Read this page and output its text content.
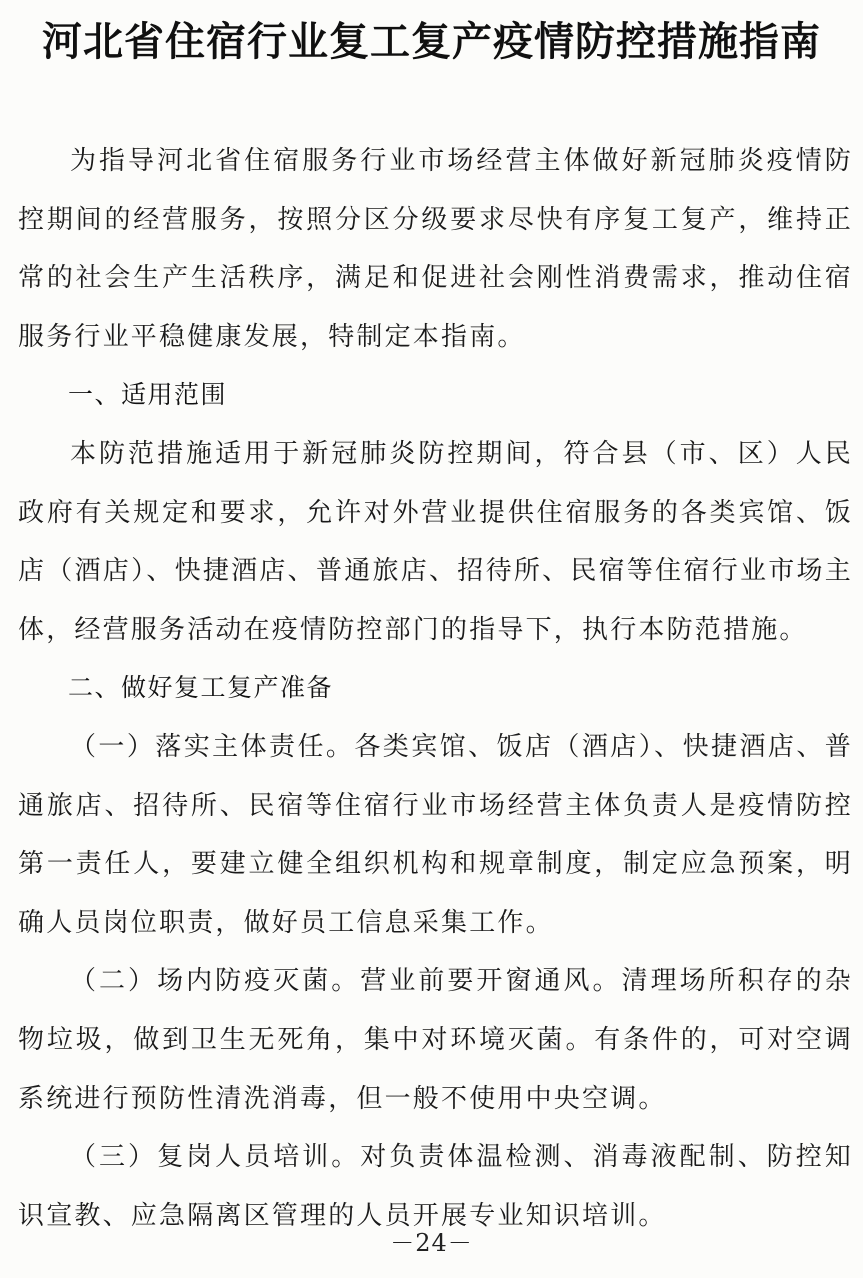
河北省住宿行业复工复产疫情防控措施指南

为指导河北省住宿服务行业市场经营主体做好新冠肺炎疫情防控期间的经营服务，按照分区分级要求尽快有序复工复产，维持正常的社会生产生活秩序，满足和促进社会刚性消费需求，推动住宿服务行业平稳健康发展，特制定本指南。

一、适用范围

本防范措施适用于新冠肺炎防控期间，符合县（市、区）人民政府有关规定和要求，允许对外营业提供住宿服务的各类宾馆、饭店（酒店）、快捷酒店、普通旅店、招待所、民宿等住宿行业市场主体，经营服务活动在疫情防控部门的指导下，执行本防范措施。

二、做好复工复产准备

（一）落实主体责任。各类宾馆、饭店（酒店）、快捷酒店、普通旅店、招待所、民宿等住宿行业市场经营主体负责人是疫情防控第一责任人，要建立健全组织机构和规章制度，制定应急预案，明确人员岗位职责，做好员工信息采集工作。

（二）场内防疫灭菌。营业前要开窗通风。清理场所积存的杂物垃圾，做到卫生无死角，集中对环境灭菌。有条件的，可对空调系统进行预防性清洗消毒，但一般不使用中央空调。

（三）复岗人员培训。对负责体温检测、消毒液配制、防控知识宣教、应急隔离区管理的人员开展专业知识培训。

－24－
